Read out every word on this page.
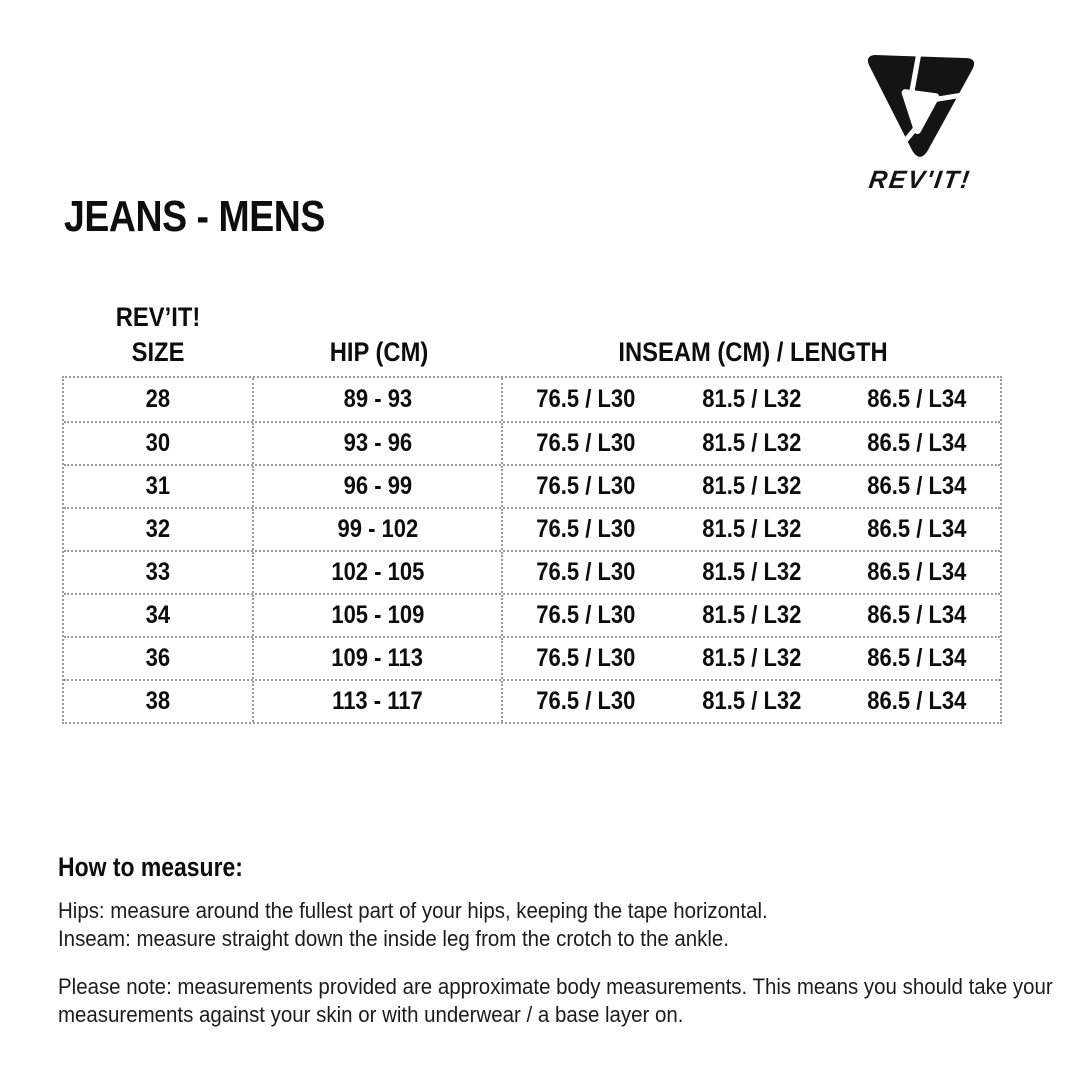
REV'IT!
JEANS - MENS
REV’IT!
SIZE	HIP (CM)	INSEAM (CM) / LENGTH
28	89 - 93	76.5 / L30	81.5 / L32	86.5 / L34
30	93 - 96	76.5 / L30	81.5 / L32	86.5 / L34
31	96 - 99	76.5 / L30	81.5 / L32	86.5 / L34
32	99 - 102	76.5 / L30	81.5 / L32	86.5 / L34
33	102 - 105	76.5 / L30	81.5 / L32	86.5 / L34
34	105 - 109	76.5 / L30	81.5 / L32	86.5 / L34
36	109 - 113	76.5 / L30	81.5 / L32	86.5 / L34
38	113 - 117	76.5 / L30	81.5 / L32	86.5 / L34
How to measure:
Hips: measure around the fullest part of your hips, keeping the tape horizontal.
Inseam: measure straight down the inside leg from the crotch to the ankle.
Please note: measurements provided are approximate body measurements. This means you should take your
measurements against your skin or with underwear / a base layer on.
